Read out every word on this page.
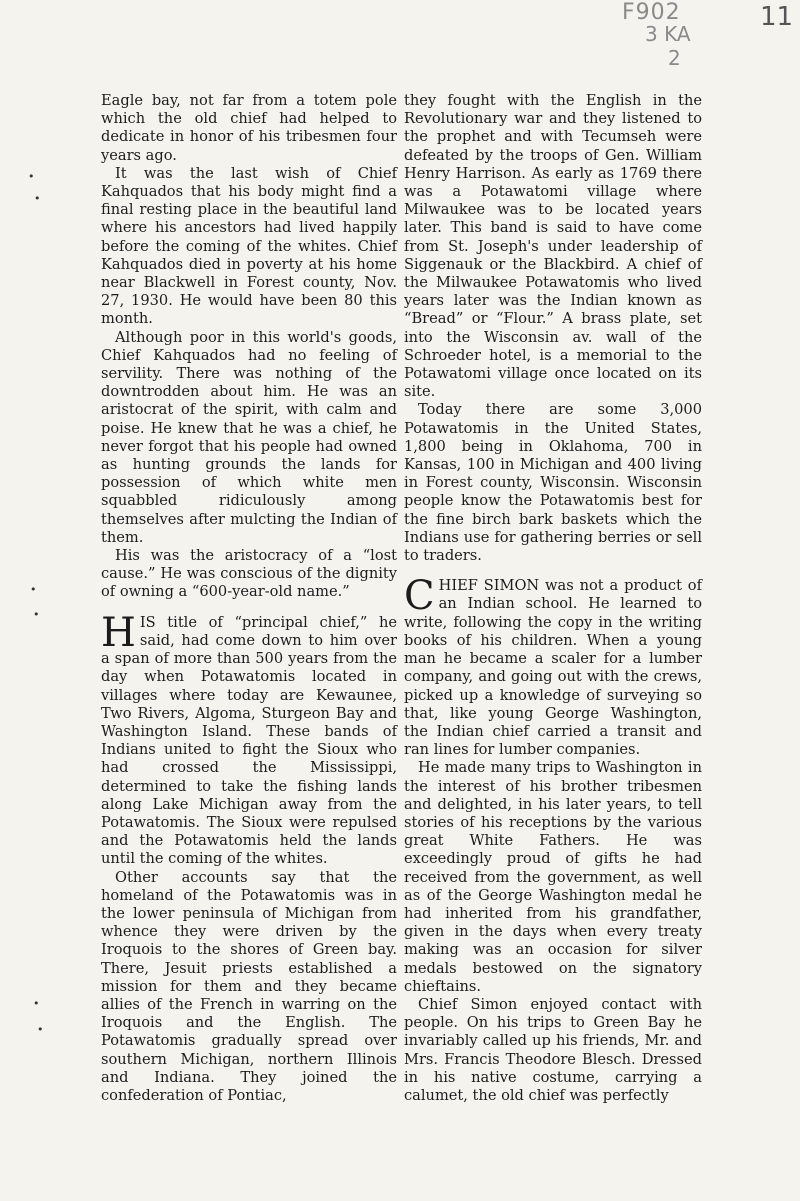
F902
3 KA
2
11
•
•
•
•
•
•

Eagle bay, not far from a totem pole which the old chief had helped to dedicate in honor of his tribesmen four years ago.

It was the last wish of Chief Kahquados that his body might find a final resting place in the beautiful land where his ancestors had lived happily before the coming of the whites. Chief Kahquados died in poverty at his home near Blackwell in Forest county, Nov. 27, 1930. He would have been 80 this month.

Although poor in this world's goods, Chief Kahquados had no feeling of servility. There was nothing of the downtrodden about him. He was an aristocrat of the spirit, with calm and poise. He knew that he was a chief, he never forgot that his people had owned as hunting grounds the lands for possession of which white men squabbled ridiculously among themselves after mulcting the Indian of them.

His was the aristocracy of a “lost cause.” He was conscious of the dignity of owning a “600-year-old name.”

HIS title of “principal chief,” he said, had come down to him over a span of more than 500 years from the day when Potawatomis located in villages where today are Kewaunee, Two Rivers, Algoma, Sturgeon Bay and Washington Island. These bands of Indians united to fight the Sioux who had crossed the Mississippi, determined to take the fishing lands along Lake Michigan away from the Potawatomis. The Sioux were repulsed and the Potawatomis held the lands until the coming of the whites.

Other accounts say that the homeland of the Potawatomis was in the lower peninsula of Michigan from whence they were driven by the Iroquois to the shores of Green bay. There, Jesuit priests established a mission for them and they became allies of the French in warring on the Iroquois and the English. The Potawatomis gradually spread over southern Michigan, northern Illinois and Indiana. They joined the confederation of Pontiac,

they fought with the English in the Revolutionary war and they listened to the prophet and with Tecumseh were defeated by the troops of Gen. William Henry Harrison. As early as 1769 there was a Potawatomi village where Milwaukee was to be located years later. This band is said to have come from St. Joseph's under leadership of Siggenauk or the Blackbird. A chief of the Milwaukee Potawatomis who lived years later was the Indian known as “Bread” or “Flour.” A brass plate, set into the Wisconsin av. wall of the Schroeder hotel, is a memorial to the Potawatomi village once located on its site.

Today there are some 3,000 Potawatomis in the United States, 1,800 being in Oklahoma, 700 in Kansas, 100 in Michigan and 400 living in Forest county, Wisconsin. Wisconsin people know the Potawatomis best for the fine birch bark baskets which the Indians use for gathering berries or sell to traders.

CHIEF SIMON was not a product of an Indian school. He learned to write, following the copy in the writing books of his children. When a young man he became a scaler for a lumber company, and going out with the crews, picked up a knowledge of surveying so that, like young George Washington, the Indian chief carried a transit and ran lines for lumber companies.

He made many trips to Washington in the interest of his brother tribesmen and delighted, in his later years, to tell stories of his receptions by the various great White Fathers. He was exceedingly proud of gifts he had received from the government, as well as of the George Washington medal he had inherited from his grandfather, given in the days when every treaty making was an occasion for silver medals bestowed on the signatory chieftains.

Chief Simon enjoyed contact with people. On his trips to Green Bay he invariably called up his friends, Mr. and Mrs. Francis Theodore Blesch. Dressed in his native costume, carrying a calumet, the old chief was perfectly
